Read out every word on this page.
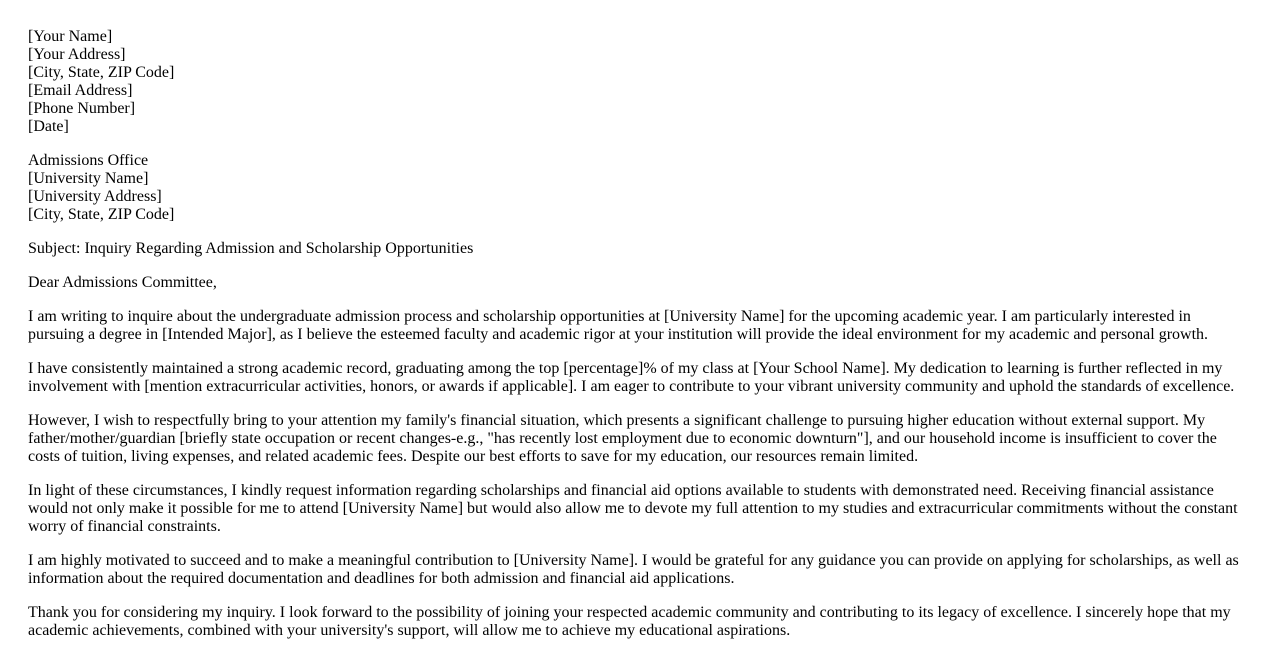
[Your Name]
[Your Address]
[City, State, ZIP Code]
[Email Address]
[Phone Number]
[Date]
Admissions Office
[University Name]
[University Address]
[City, State, ZIP Code]

Subject: Inquiry Regarding Admission and Scholarship Opportunities

Dear Admissions Committee,

I am writing to inquire about the undergraduate admission process and scholarship opportunities at [University Name] for the upcoming academic year. I am particularly interested in pursuing a degree in [Intended Major], as I believe the esteemed faculty and academic rigor at your institution will provide the ideal environment for my academic and personal growth.

I have consistently maintained a strong academic record, graduating among the top [percentage]% of my class at [Your School Name]. My dedication to learning is further reflected in my involvement with [mention extracurricular activities, honors, or awards if applicable]. I am eager to contribute to your vibrant university community and uphold the standards of excellence.

However, I wish to respectfully bring to your attention my family's financial situation, which presents a significant challenge to pursuing higher education without external support. My father/mother/guardian [briefly state occupation or recent changes-e.g., "has recently lost employment due to economic downturn"], and our household income is insufficient to cover the costs of tuition, living expenses, and related academic fees. Despite our best efforts to save for my education, our resources remain limited.

In light of these circumstances, I kindly request information regarding scholarships and financial aid options available to students with demonstrated need. Receiving financial assistance would not only make it possible for me to attend [University Name] but would also allow me to devote my full attention to my studies and extracurricular commitments without the constant worry of financial constraints.

I am highly motivated to succeed and to make a meaningful contribution to [University Name]. I would be grateful for any guidance you can provide on applying for scholarships, as well as information about the required documentation and deadlines for both admission and financial aid applications.

Thank you for considering my inquiry. I look forward to the possibility of joining your respected academic community and contributing to its legacy of excellence. I sincerely hope that my academic achievements, combined with your university's support, will allow me to achieve my educational aspirations.
